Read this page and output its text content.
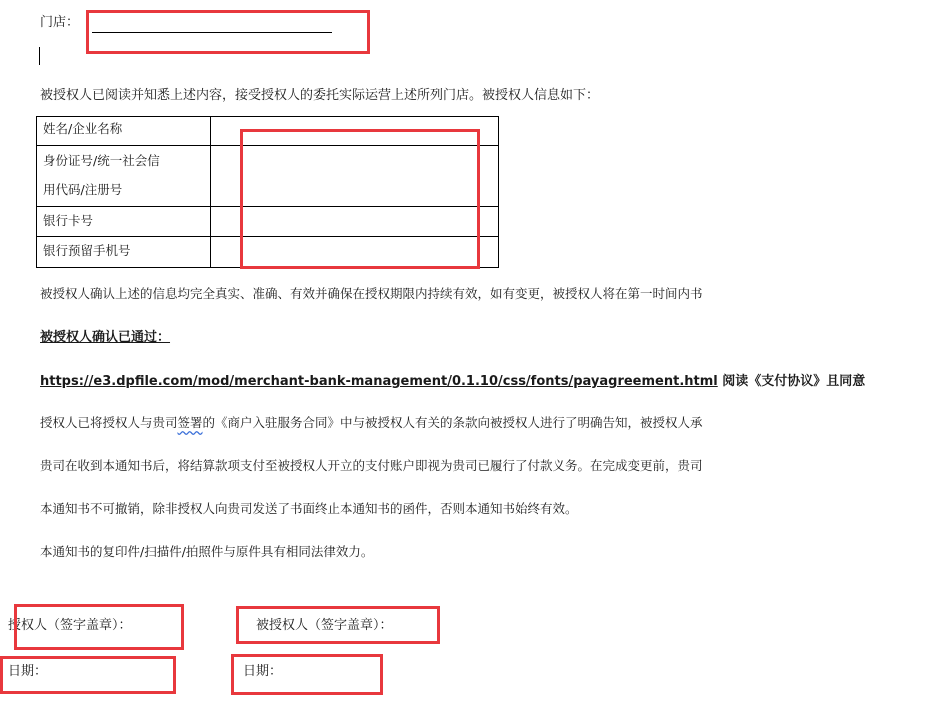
门店：
被授权人已阅读并知悉上述内容，接受授权人的委托实际运营上述所列门店。被授权人信息如下：
姓名/企业名称	
身份证号/统一社会信
用代码/注册号	
银行卡号	
银行预留手机号	
被授权人确认上述的信息均完全真实、准确、有效并确保在授权期限内持续有效，如有变更，被授权人将在第一时间内书
被授权人确认已通过：
https://e3.dpfile.com/mod/merchant-bank-management/0.1.10/css/fonts/payagreement.html 阅读《支付协议》且同意
授权人已将授权人与贵司签署的《商户入驻服务合同》中与被授权人有关的条款向被授权人进行了明确告知，被授权人承
贵司在收到本通知书后，将结算款项支付至被授权人开立的支付账户即视为贵司已履行了付款义务。在完成变更前，贵司
本通知书不可撤销，除非授权人向贵司发送了书面终止本通知书的函件，否则本通知书始终有效。
本通知书的复印件/扫描件/拍照件与原件具有相同法律效力。
授权人（签字盖章）：	被授权人（签字盖章）：
日期：	日期：
